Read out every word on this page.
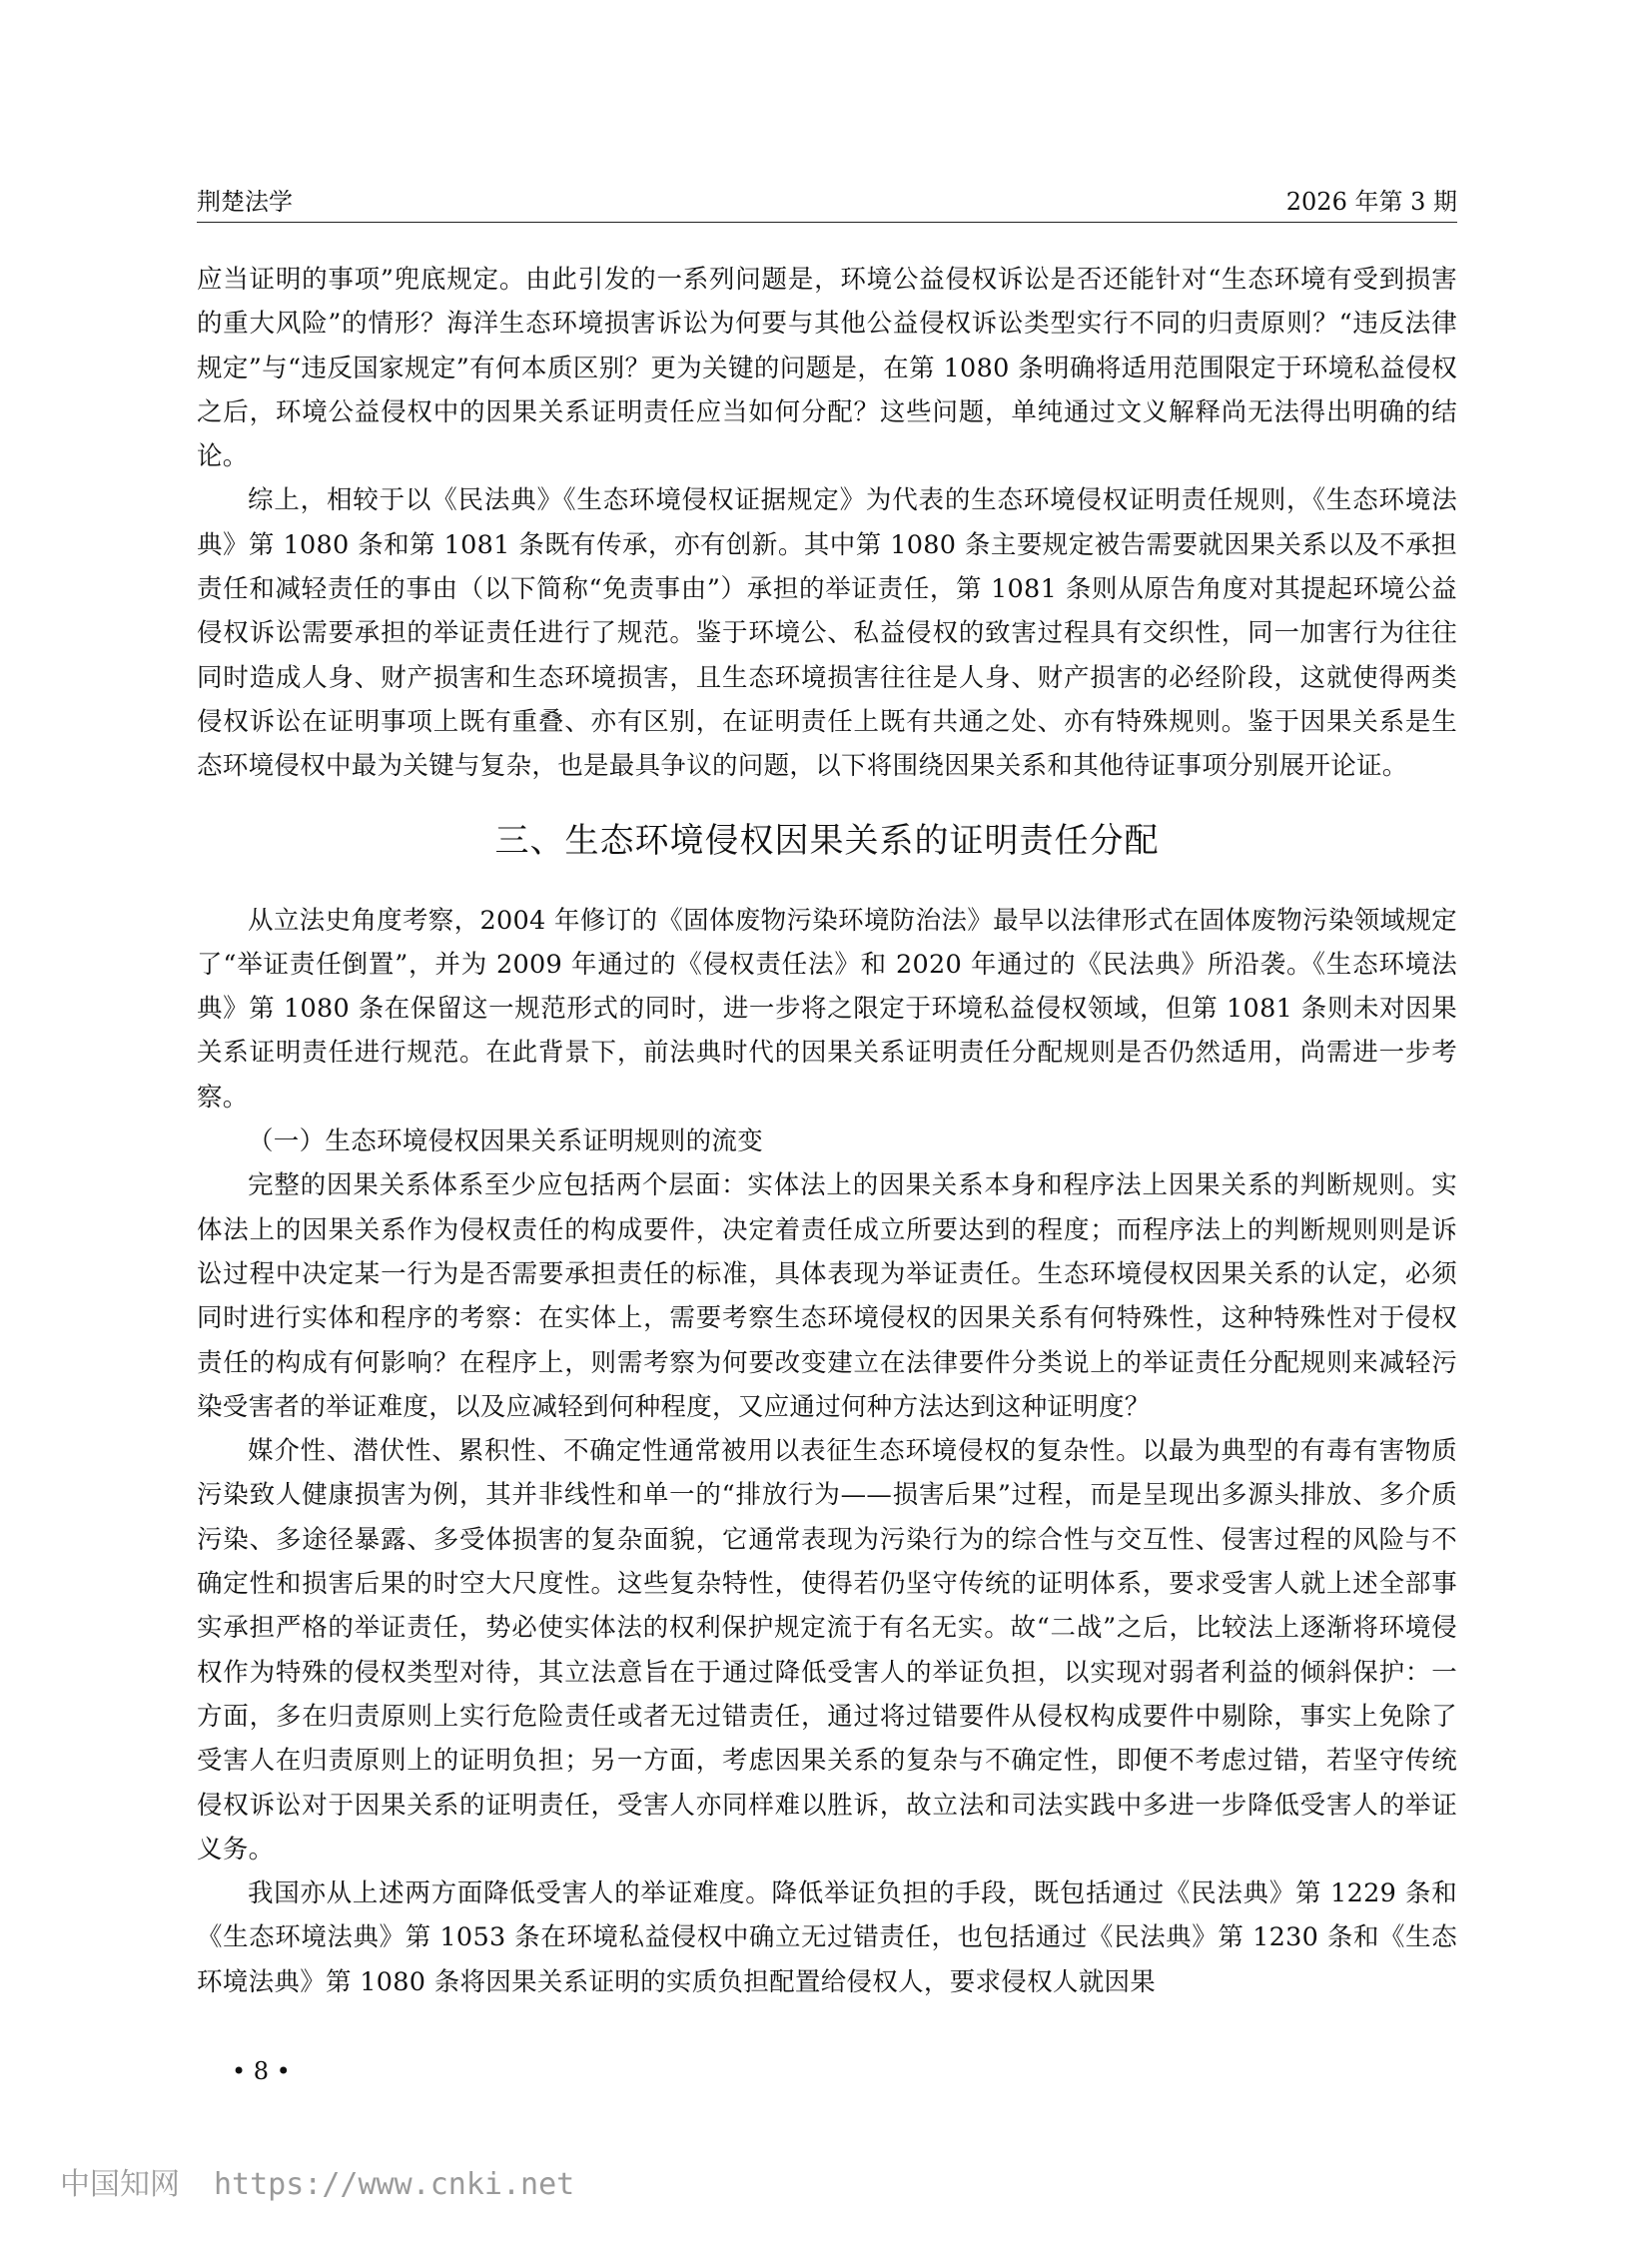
荆楚法学	2026 年第 3 期

应当证明的事项”兜底规定。由此引发的一系列问题是，环境公益侵权诉讼是否还能针对“生态环境有受到损害的重大风险”的情形？海洋生态环境损害诉讼为何要与其他公益侵权诉讼类型实行不同的归责原则？“违反法律规定”与“违反国家规定”有何本质区别？更为关键的问题是，在第 1080 条明确将适用范围限定于环境私益侵权之后，环境公益侵权中的因果关系证明责任应当如何分配？这些问题，单纯通过文义解释尚无法得出明确的结论。

综上，相较于以《民法典》《生态环境侵权证据规定》为代表的生态环境侵权证明责任规则，《生态环境法典》第 1080 条和第 1081 条既有传承，亦有创新。其中第 1080 条主要规定被告需要就因果关系以及不承担责任和减轻责任的事由（以下简称“免责事由”）承担的举证责任，第 1081 条则从原告角度对其提起环境公益侵权诉讼需要承担的举证责任进行了规范。鉴于环境公、私益侵权的致害过程具有交织性，同一加害行为往往同时造成人身、财产损害和生态环境损害，且生态环境损害往往是人身、财产损害的必经阶段，这就使得两类侵权诉讼在证明事项上既有重叠、亦有区别，在证明责任上既有共通之处、亦有特殊规则。鉴于因果关系是生态环境侵权中最为关键与复杂，也是最具争议的问题，以下将围绕因果关系和其他待证事项分别展开论证。

三、生态环境侵权因果关系的证明责任分配

从立法史角度考察，2004 年修订的《固体废物污染环境防治法》最早以法律形式在固体废物污染领域规定了“举证责任倒置”，并为 2009 年通过的《侵权责任法》和 2020 年通过的《民法典》所沿袭。《生态环境法典》第 1080 条在保留这一规范形式的同时，进一步将之限定于环境私益侵权领域，但第 1081 条则未对因果关系证明责任进行规范。在此背景下，前法典时代的因果关系证明责任分配规则是否仍然适用，尚需进一步考察。

（一）生态环境侵权因果关系证明规则的流变

完整的因果关系体系至少应包括两个层面：实体法上的因果关系本身和程序法上因果关系的判断规则。实体法上的因果关系作为侵权责任的构成要件，决定着责任成立所要达到的程度；而程序法上的判断规则则是诉讼过程中决定某一行为是否需要承担责任的标准，具体表现为举证责任。生态环境侵权因果关系的认定，必须同时进行实体和程序的考察：在实体上，需要考察生态环境侵权的因果关系有何特殊性，这种特殊性对于侵权责任的构成有何影响？在程序上，则需考察为何要改变建立在法律要件分类说上的举证责任分配规则来减轻污染受害者的举证难度，以及应减轻到何种程度，又应通过何种方法达到这种证明度？

媒介性、潜伏性、累积性、不确定性通常被用以表征生态环境侵权的复杂性。以最为典型的有毒有害物质污染致人健康损害为例，其并非线性和单一的“排放行为——损害后果”过程，而是呈现出多源头排放、多介质污染、多途径暴露、多受体损害的复杂面貌，它通常表现为污染行为的综合性与交互性、侵害过程的风险与不确定性和损害后果的时空大尺度性。这些复杂特性，使得若仍坚守传统的证明体系，要求受害人就上述全部事实承担严格的举证责任，势必使实体法的权利保护规定流于有名无实。故“二战”之后，比较法上逐渐将环境侵权作为特殊的侵权类型对待，其立法意旨在于通过降低受害人的举证负担，以实现对弱者利益的倾斜保护：一方面，多在归责原则上实行危险责任或者无过错责任，通过将过错要件从侵权构成要件中剔除，事实上免除了受害人在归责原则上的证明负担；另一方面，考虑因果关系的复杂与不确定性，即便不考虑过错，若坚守传统侵权诉讼对于因果关系的证明责任，受害人亦同样难以胜诉，故立法和司法实践中多进一步降低受害人的举证义务。

我国亦从上述两方面降低受害人的举证难度。降低举证负担的手段，既包括通过《民法典》第 1229 条和《生态环境法典》第 1053 条在环境私益侵权中确立无过错责任，也包括通过《民法典》第 1230 条和《生态环境法典》第 1080 条将因果关系证明的实质负担配置给侵权人，要求侵权人就因果

• 8 •
中国知网 https://www.cnki.net
